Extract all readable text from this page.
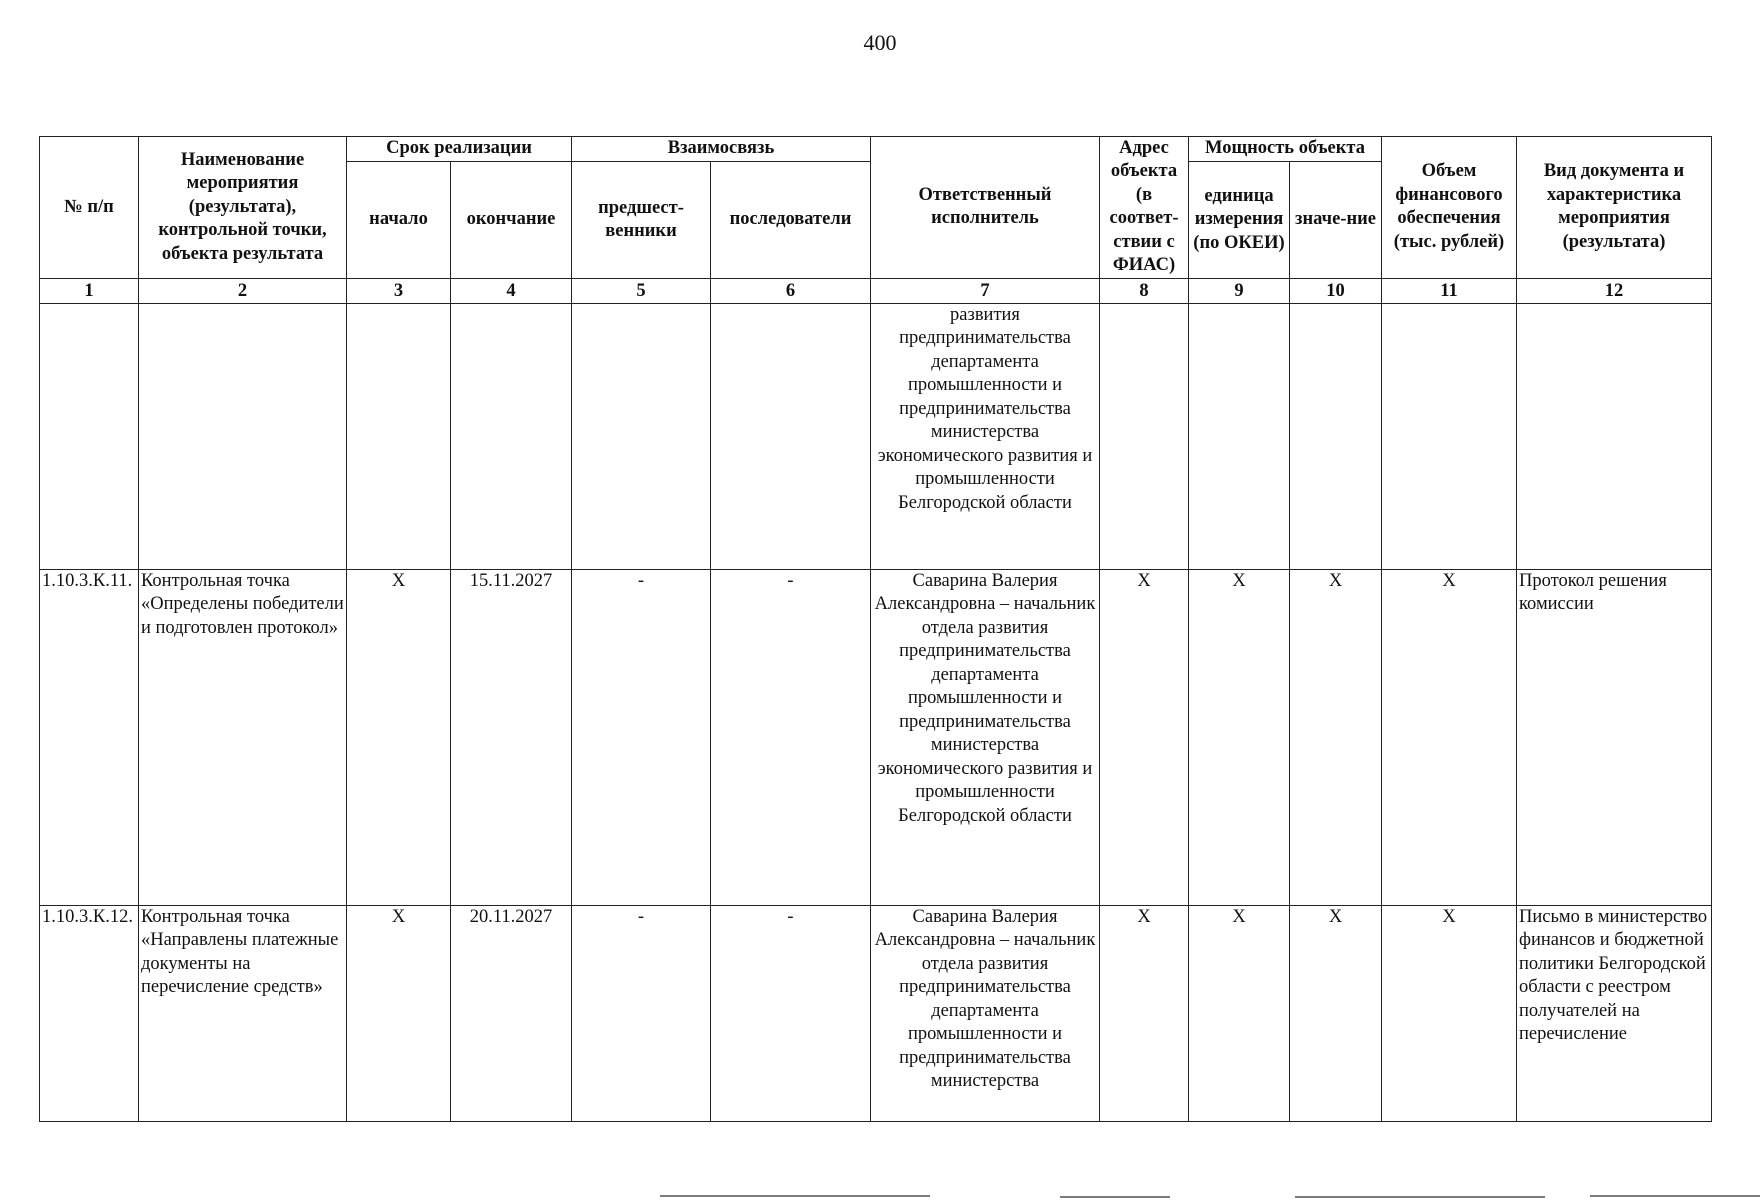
400
№ п/п	Наименование мероприятия (результата), контрольной точки, объекта результата	Срок реализации		Взаимосвязь		Ответственный исполнитель	Адрес объекта (в соответ-ствии с ФИАС)	Мощность объекта		Объем финансового обеспечения (тыс. рублей)	Вид документа и характеристика мероприятия (результата)
		начало	окончание	предшест-венники	последователи			единица измерения (по ОКЕИ)	значе-ние		
1	2	3	4	5	6	7	8	9	10	11	12
						развития предпринимательства департамента промышленности и предпринимательства министерства экономического развития и промышленности Белгородской области					
1.10.3.К.11.	Контрольная точка «Определены победители и подготовлен протокол»	X	15.11.2027	-	-	Саварина Валерия Александровна – начальник отдела развития предпринимательства департамента промышленности и предпринимательства министерства экономического развития и промышленности Белгородской области	X	X	X	X	Протокол решения комиссии
1.10.3.К.12.	Контрольная точка «Направлены платежные документы на перечисление средств»	X	20.11.2027	-	-	Саварина Валерия Александровна – начальник отдела развития предпринимательства департамента промышленности и предпринимательства министерства	X	X	X	X	Письмо в министерство финансов и бюджетной политики Белгородской области с реестром получателей на перечисление
